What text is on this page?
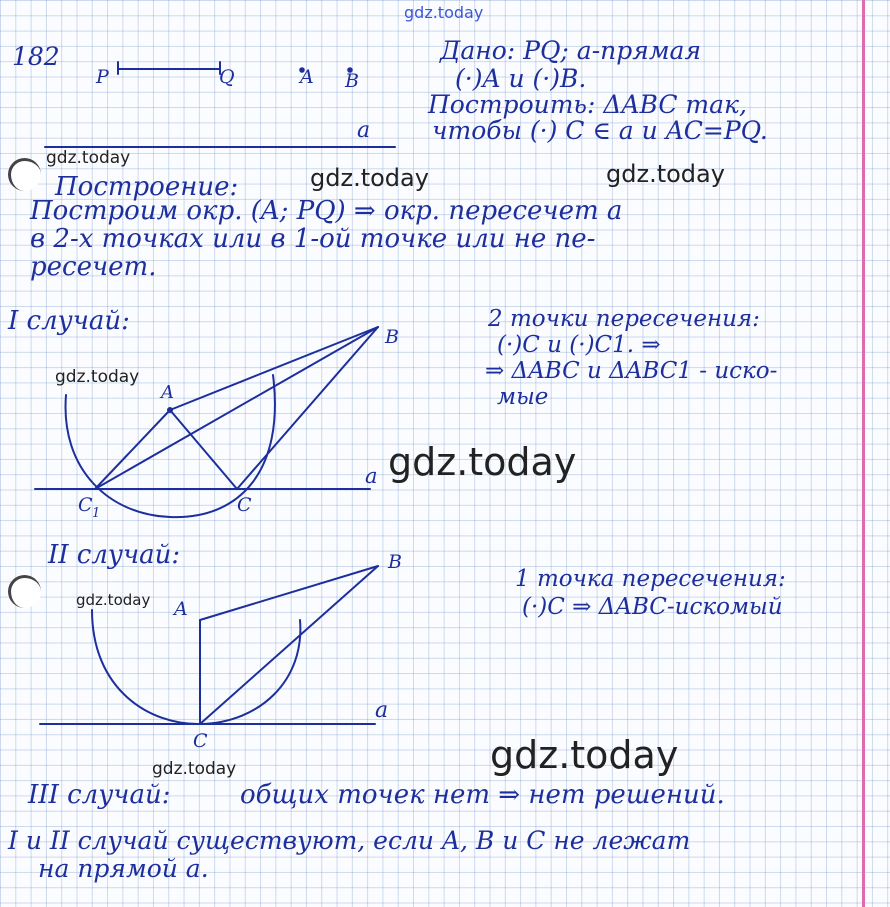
gdz.today
182
P	Q	A B
a
Дано: PQ; a-прямая
(·)A и (·)B.
Построить: ΔABC так,
чтобы (·) C ∈ a и AC=PQ.
Построение:
Построим окр. (A; PQ) ⇒ окр. пересечет a
в 2-х точках или в 1-ой точке или не пе-
ресечет.
I случай:	2 точки пересечения:
(·)C и (·)C1. ⇒
⇒ ΔABC и ΔABC1 - иско-
мые
A
B
C
C 1
a
II случай:
1 точка пересечения:
(·)C ⇒ ΔABC-искомый
A
B
C
a
III случай:	общих точек нет ⇒ нет решений.
I и II случай существуют, если A, B и C не лежат
на прямой a.
gdz.today
gdz.today	gdz.today
gdz.today
gdz.today
gdz.today
gdz.today
gdz.today
